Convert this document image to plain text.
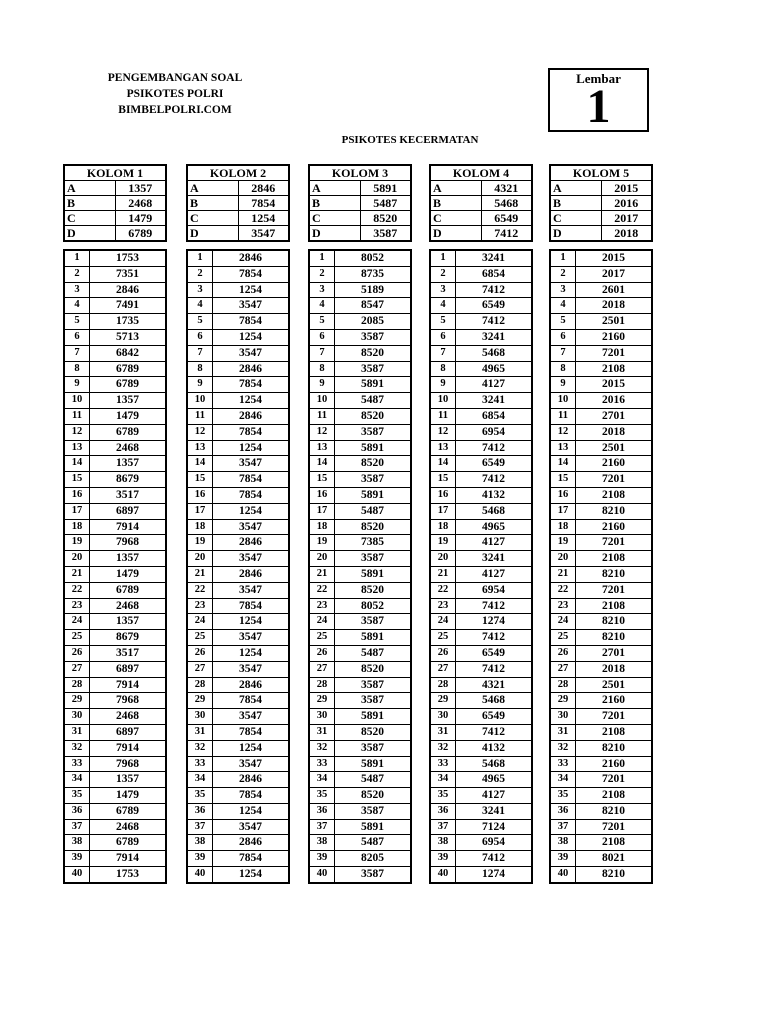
PENGEMBANGAN SOAL
PSIKOTES POLRI
BIMBELPOLRI.COM
Lembar
1
PSIKOTES KECERMATAN
KOLOM 1	
A	1357
B	2468
C	1479
D	6789
1	1753
2	7351
3	2846
4	7491
5	1735
6	5713
7	6842
8	6789
9	6789
10	1357
11	1479
12	6789
13	2468
14	1357
15	8679
16	3517
17	6897
18	7914
19	7968
20	1357
21	1479
22	6789
23	2468
24	1357
25	8679
26	3517
27	6897
28	7914
29	7968
30	2468
31	6897
32	7914
33	7968
34	1357
35	1479
36	6789
37	2468
38	6789
39	7914
40	1753
KOLOM 2	
A	2846
B	7854
C	1254
D	3547
1	2846
2	7854
3	1254
4	3547
5	7854
6	1254
7	3547
8	2846
9	7854
10	1254
11	2846
12	7854
13	1254
14	3547
15	7854
16	7854
17	1254
18	3547
19	2846
20	3547
21	2846
22	3547
23	7854
24	1254
25	3547
26	1254
27	3547
28	2846
29	7854
30	3547
31	7854
32	1254
33	3547
34	2846
35	7854
36	1254
37	3547
38	2846
39	7854
40	1254
KOLOM 3	
A	5891
B	5487
C	8520
D	3587
1	8052
2	8735
3	5189
4	8547
5	2085
6	3587
7	8520
8	3587
9	5891
10	5487
11	8520
12	3587
13	5891
14	8520
15	3587
16	5891
17	5487
18	8520
19	7385
20	3587
21	5891
22	8520
23	8052
24	3587
25	5891
26	5487
27	8520
28	3587
29	3587
30	5891
31	8520
32	3587
33	5891
34	5487
35	8520
36	3587
37	5891
38	5487
39	8205
40	3587
KOLOM 4	
A	4321
B	5468
C	6549
D	7412
1	3241
2	6854
3	7412
4	6549
5	7412
6	3241
7	5468
8	4965
9	4127
10	3241
11	6854
12	6954
13	7412
14	6549
15	7412
16	4132
17	5468
18	4965
19	4127
20	3241
21	4127
22	6954
23	7412
24	1274
25	7412
26	6549
27	7412
28	4321
29	5468
30	6549
31	7412
32	4132
33	5468
34	4965
35	4127
36	3241
37	7124
38	6954
39	7412
40	1274
KOLOM 5	
A	2015
B	2016
C	2017
D	2018
1	2015
2	2017
3	2601
4	2018
5	2501
6	2160
7	7201
8	2108
9	2015
10	2016
11	2701
12	2018
13	2501
14	2160
15	7201
16	2108
17	8210
18	2160
19	7201
20	2108
21	8210
22	7201
23	2108
24	8210
25	8210
26	2701
27	2018
28	2501
29	2160
30	7201
31	2108
32	8210
33	2160
34	7201
35	2108
36	8210
37	7201
38	2108
39	8021
40	8210
